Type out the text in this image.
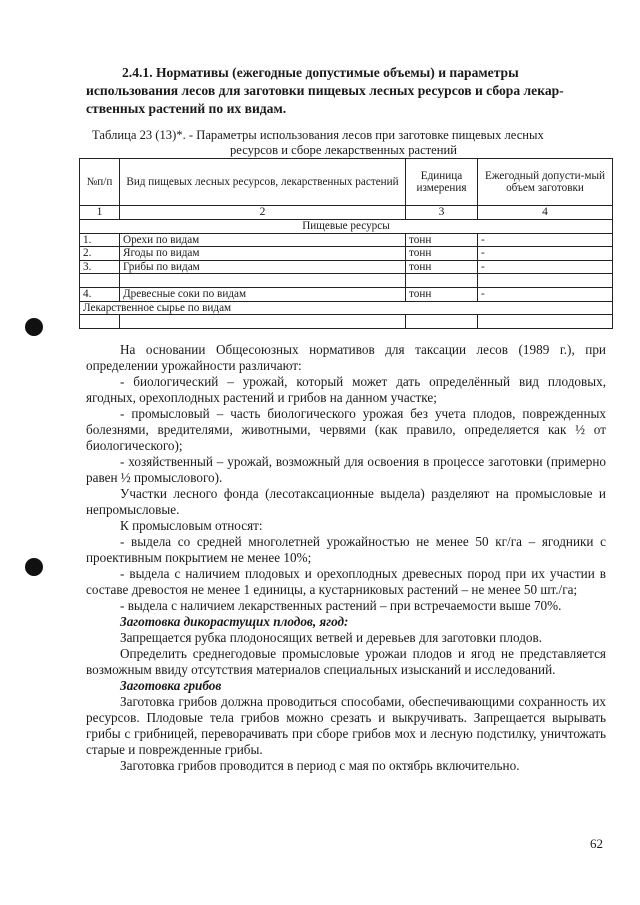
2.4.1. Нормативы (ежегодные допустимые объемы) и параметры
использования лесов для заготовки пищевых лесных ресурсов и сбора лекар-
ственных растений по их видам.
Таблица 23 (13)*. - Параметры использования лесов при заготовке пищевых лесных
ресурсов и сборе лекарственных растений
№п/п	Вид пищевых лесных ресурсов, лекарственных растений	Единица измерения	Ежегодный допусти-мый объем заготовки
1	2	3	4
Пищевые ресурсы			
1.	Орехи по видам	тонн	-
2.	Ягоды по видам	тонн	-
3.	Грибы по видам	тонн	-

4.	Древесные соки по видам	тонн	-
Лекарственное сырье по видам			

На основании Общесоюзных нормативов для таксации лесов (1989 г.), при определении урожайности различают:

- биологический – урожай, который может дать определённый вид плодовых, ягодных, орехоплодных растений и грибов на данном участке;

- промысловый – часть биологического урожая без учета плодов, поврежденных болезнями, вредителями, животными, червями (как правило, определяется как ½ от биологического);

- хозяйственный – урожай, возможный для освоения в процессе заготовки (примерно равен ½ промыслового).

Участки лесного фонда (лесотаксационные выдела) разделяют на промысловые и непромысловые.

К промысловым относят:

- выдела со средней многолетней урожайностью не менее 50 кг/га – ягодники с проективным покрытием не менее 10%;

- выдела с наличием плодовых и орехоплодных древесных пород при их участии в составе древостоя не менее 1 единицы, а кустарниковых растений – не менее 50 шт./га;

- выдела с наличием лекарственных растений – при встречаемости выше 70%.

Заготовка дикорастущих плодов, ягод:

Запрещается рубка плодоносящих ветвей и деревьев для заготовки плодов.

Определить среднегодовые промысловые урожаи плодов и ягод не представляется возможным ввиду отсутствия материалов специальных изысканий и исследований.

Заготовка грибов

Заготовка грибов должна проводиться способами, обеспечивающими сохранность их ресурсов. Плодовые тела грибов можно срезать и выкручивать. Запрещается вырывать грибы с грибницей, переворачивать при сборе грибов мох и лесную подстилку, уничтожать старые и поврежденные грибы.

Заготовка грибов проводится в период с мая по октябрь включительно.

62
